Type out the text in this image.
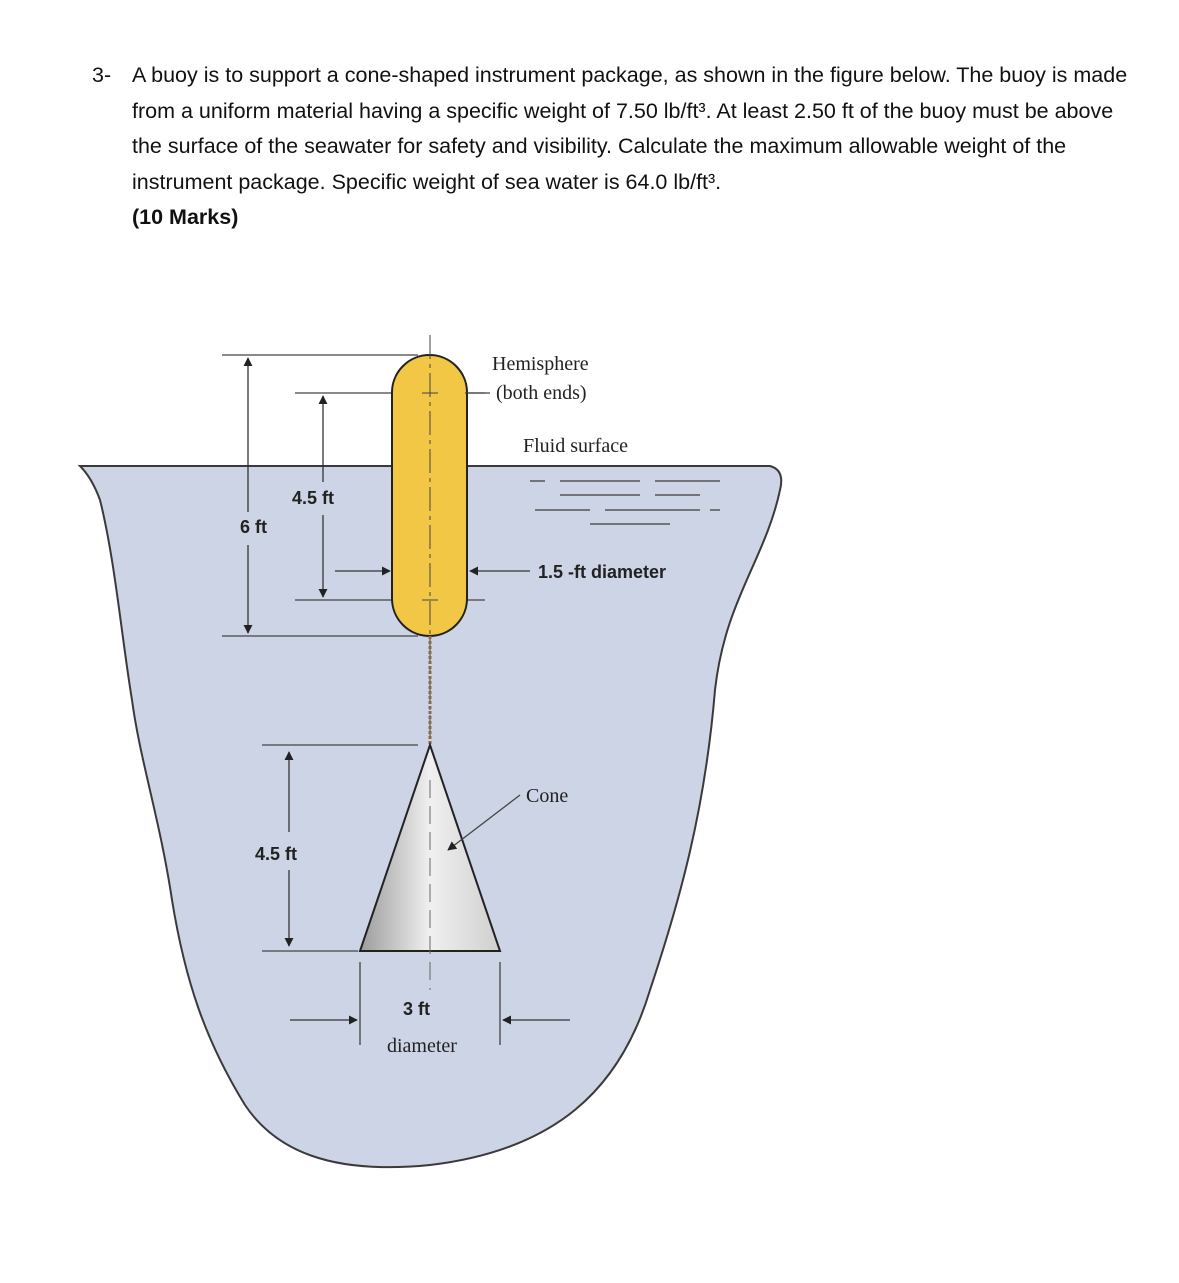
3- A buoy is to support a cone-shaped instrument package, as shown in the figure below. The buoy is made from a uniform material having a specific weight of 7.50 lb/ft³. At least 2.50 ft of the buoy must be above the surface of the seawater for safety and visibility. Calculate the maximum allowable weight of the instrument package. Specific weight of sea water is 64.0 lb/ft³.

(10 Marks)

6 ft
4.5 ft
1.5 -ft diameter
Hemisphere
(both ends)
Fluid surface
4.5 ft
Cone
3 ft
diameter
